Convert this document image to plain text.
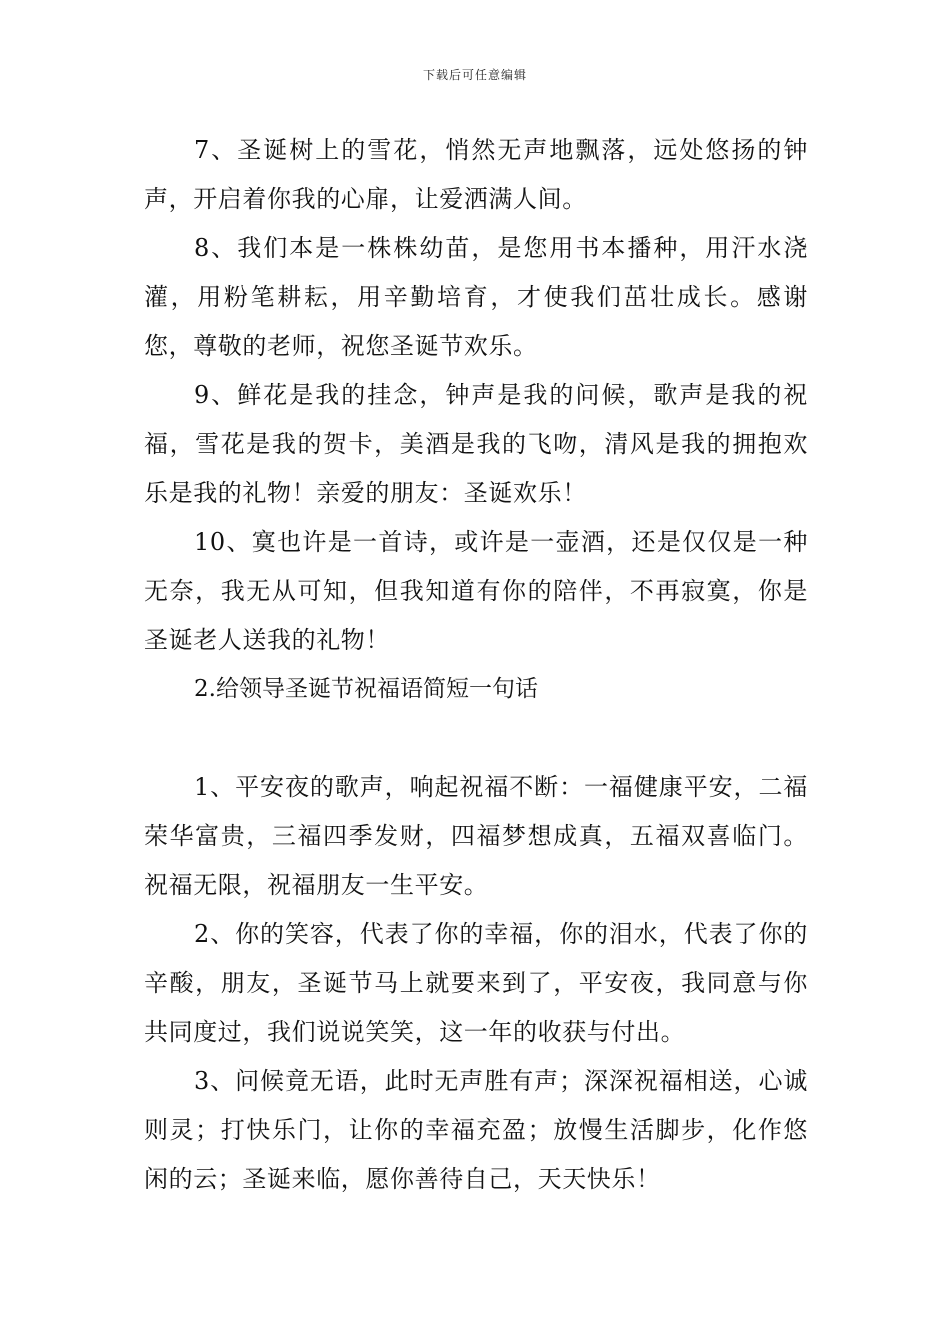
下载后可任意编辑

7、圣诞树上的雪花，悄然无声地飘落，远处悠扬的钟声，开启着你我的心扉，让爱洒满人间。

8、我们本是一株株幼苗，是您用书本播种，用汗水浇灌，用粉笔耕耘，用辛勤培育，才使我们茁壮成长。感谢您，尊敬的老师，祝您圣诞节欢乐。

9、鲜花是我的挂念，钟声是我的问候，歌声是我的祝福，雪花是我的贺卡，美酒是我的飞吻，清风是我的拥抱欢乐是我的礼物！亲爱的朋友：圣诞欢乐！

10、寞也许是一首诗，或许是一壶酒，还是仅仅是一种无奈，我无从可知，但我知道有你的陪伴，不再寂寞，你是圣诞老人送我的礼物！

2.给领导圣诞节祝福语简短一句话

1、平安夜的歌声，响起祝福不断：一福健康平安，二福荣华富贵，三福四季发财，四福梦想成真，五福双喜临门。祝福无限，祝福朋友一生平安。

2、你的笑容，代表了你的幸福，你的泪水，代表了你的辛酸，朋友，圣诞节马上就要来到了，平安夜，我同意与你共同度过，我们说说笑笑，这一年的收获与付出。

3、问候竟无语，此时无声胜有声；深深祝福相送，心诚则灵；打快乐门，让你的幸福充盈；放慢生活脚步，化作悠闲的云；圣诞来临，愿你善待自己，天天快乐！
